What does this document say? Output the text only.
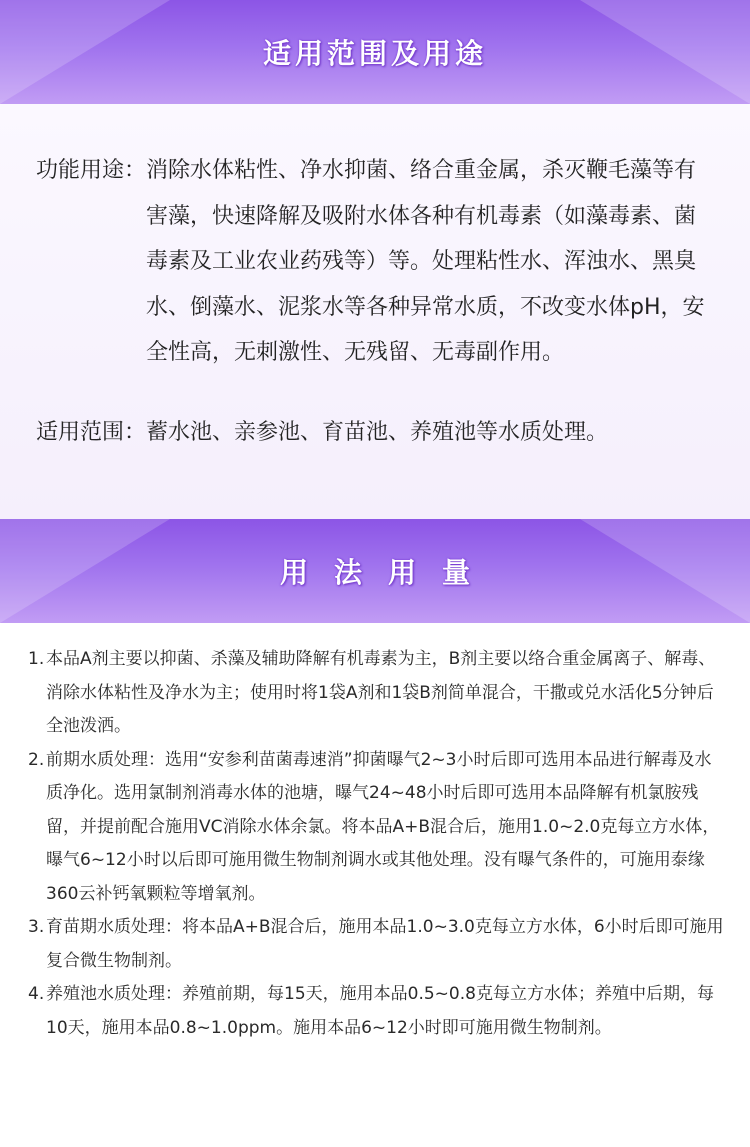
适用范围及用途
功能用途： 消除水体粘性、净水抑菌、络合重金属，杀灭鞭毛藻等有害藻，快速降解及吸附水体各种有机毒素（如藻毒素、菌毒素及工业农业药残等）等。处理粘性水、浑浊水、黑臭水、倒藻水、泥浆水等各种异常水质，不改变水体pH，安全性高，无刺激性、无残留、无毒副作用。
适用范围： 蓄水池、亲参池、育苗池、养殖池等水质处理。
用法用量
1. 本品A剂主要以抑菌、杀藻及辅助降解有机毒素为主，B剂主要以络合重金属离子、解毒、消除水体粘性及净水为主；使用时将1袋A剂和1袋B剂简单混合，干撒或兑水活化5分钟后全池泼洒。
2. 前期水质处理：选用“安参利苗菌毒速消”抑菌曝气2~3小时后即可选用本品进行解毒及水质净化。选用氯制剂消毒水体的池塘，曝气24~48小时后即可选用本品降解有机氯胺残留，并提前配合施用VC消除水体余氯。将本品A+B混合后，施用1.0~2.0克每立方水体，曝气6~12小时以后即可施用微生物制剂调水或其他处理。没有曝气条件的，可施用泰缘360云补钙氧颗粒等增氧剂。
3. 育苗期水质处理：将本品A+B混合后，施用本品1.0~3.0克每立方水体，6小时后即可施用复合微生物制剂。
4. 养殖池水质处理：养殖前期，每15天，施用本品0.5~0.8克每立方水体；养殖中后期，每10天，施用本品0.8~1.0ppm。施用本品6~12小时即可施用微生物制剂。
